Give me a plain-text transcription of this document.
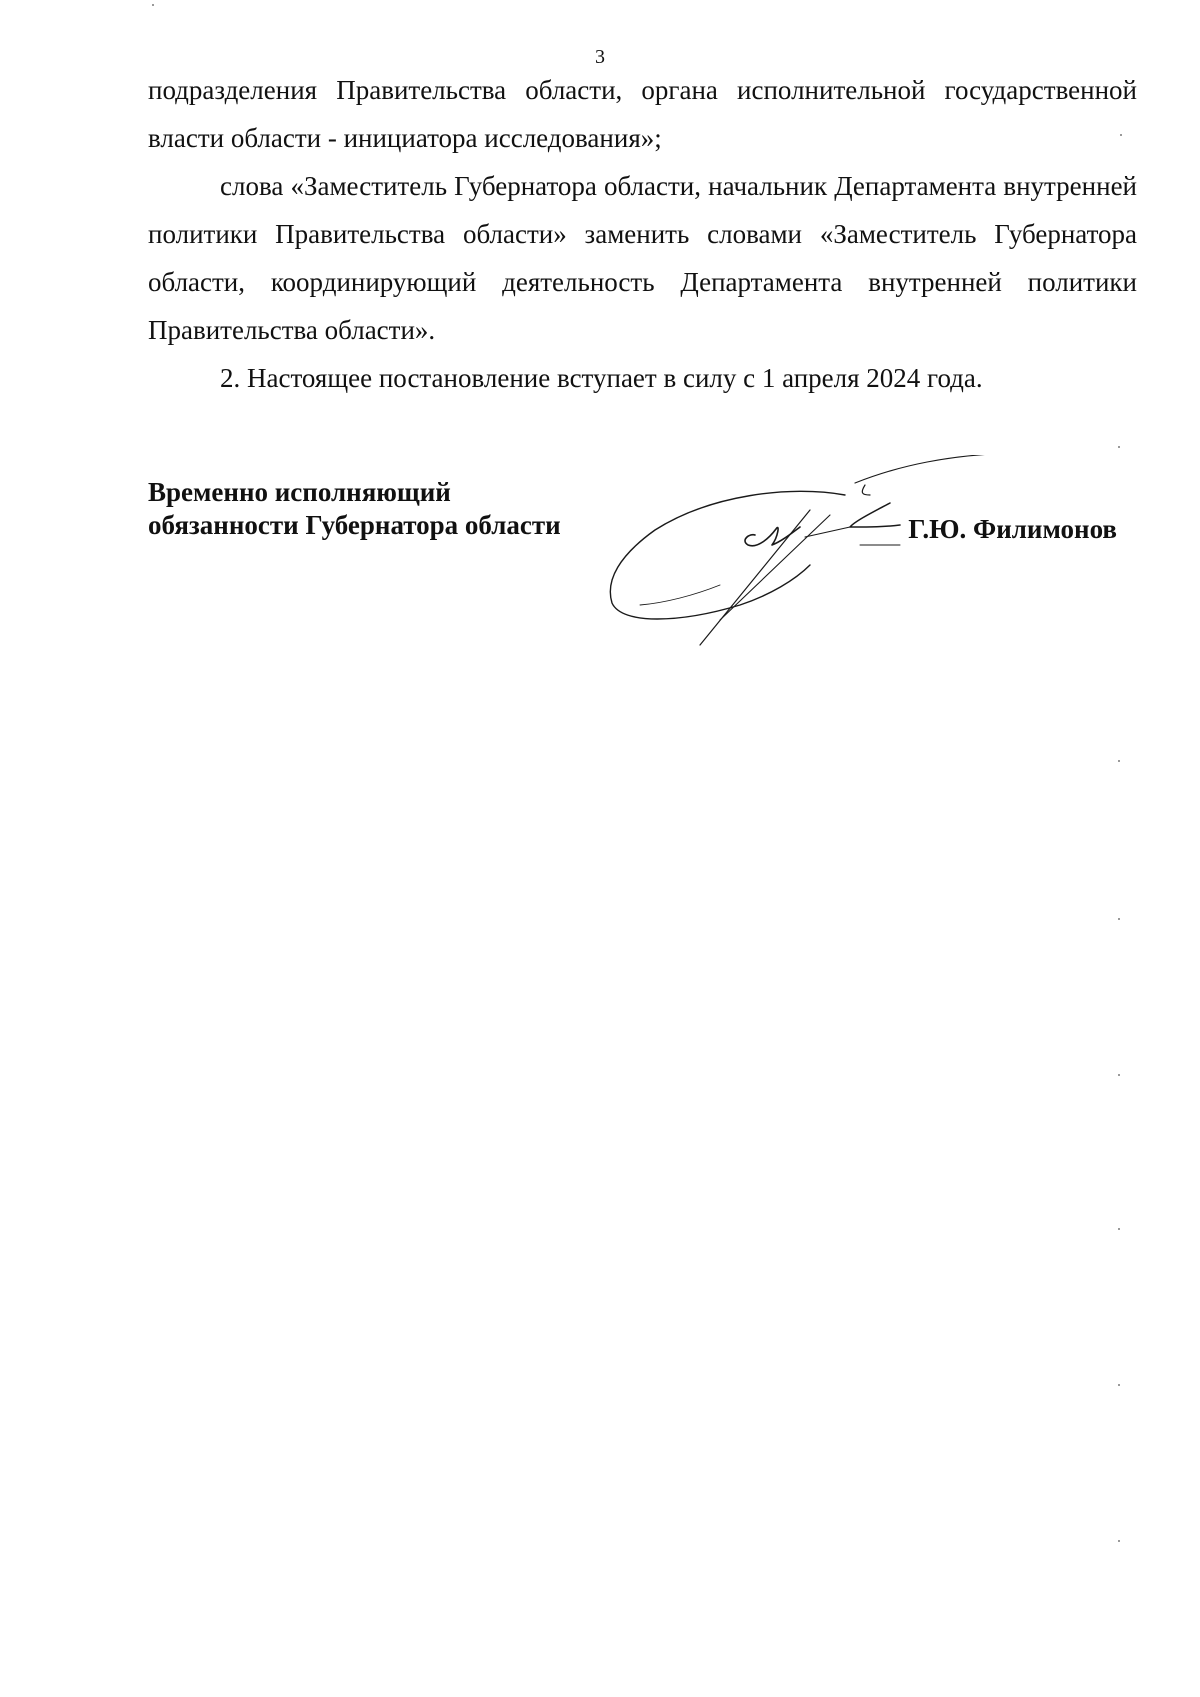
3

подразделения Правительства области, органа исполнительной государственной власти области - инициатора исследования»;

слова «Заместитель Губернатора области, начальник Департамента внутренней политики Правительства области» заменить словами «Заместитель Губернатора области, координирующий деятельность Департамента внутренней политики Правительства области».

2. Настоящее постановление вступает в силу с 1 апреля 2024 года.

Временно исполняющий
обязанности Губернатора области	Г.Ю. Филимонов
